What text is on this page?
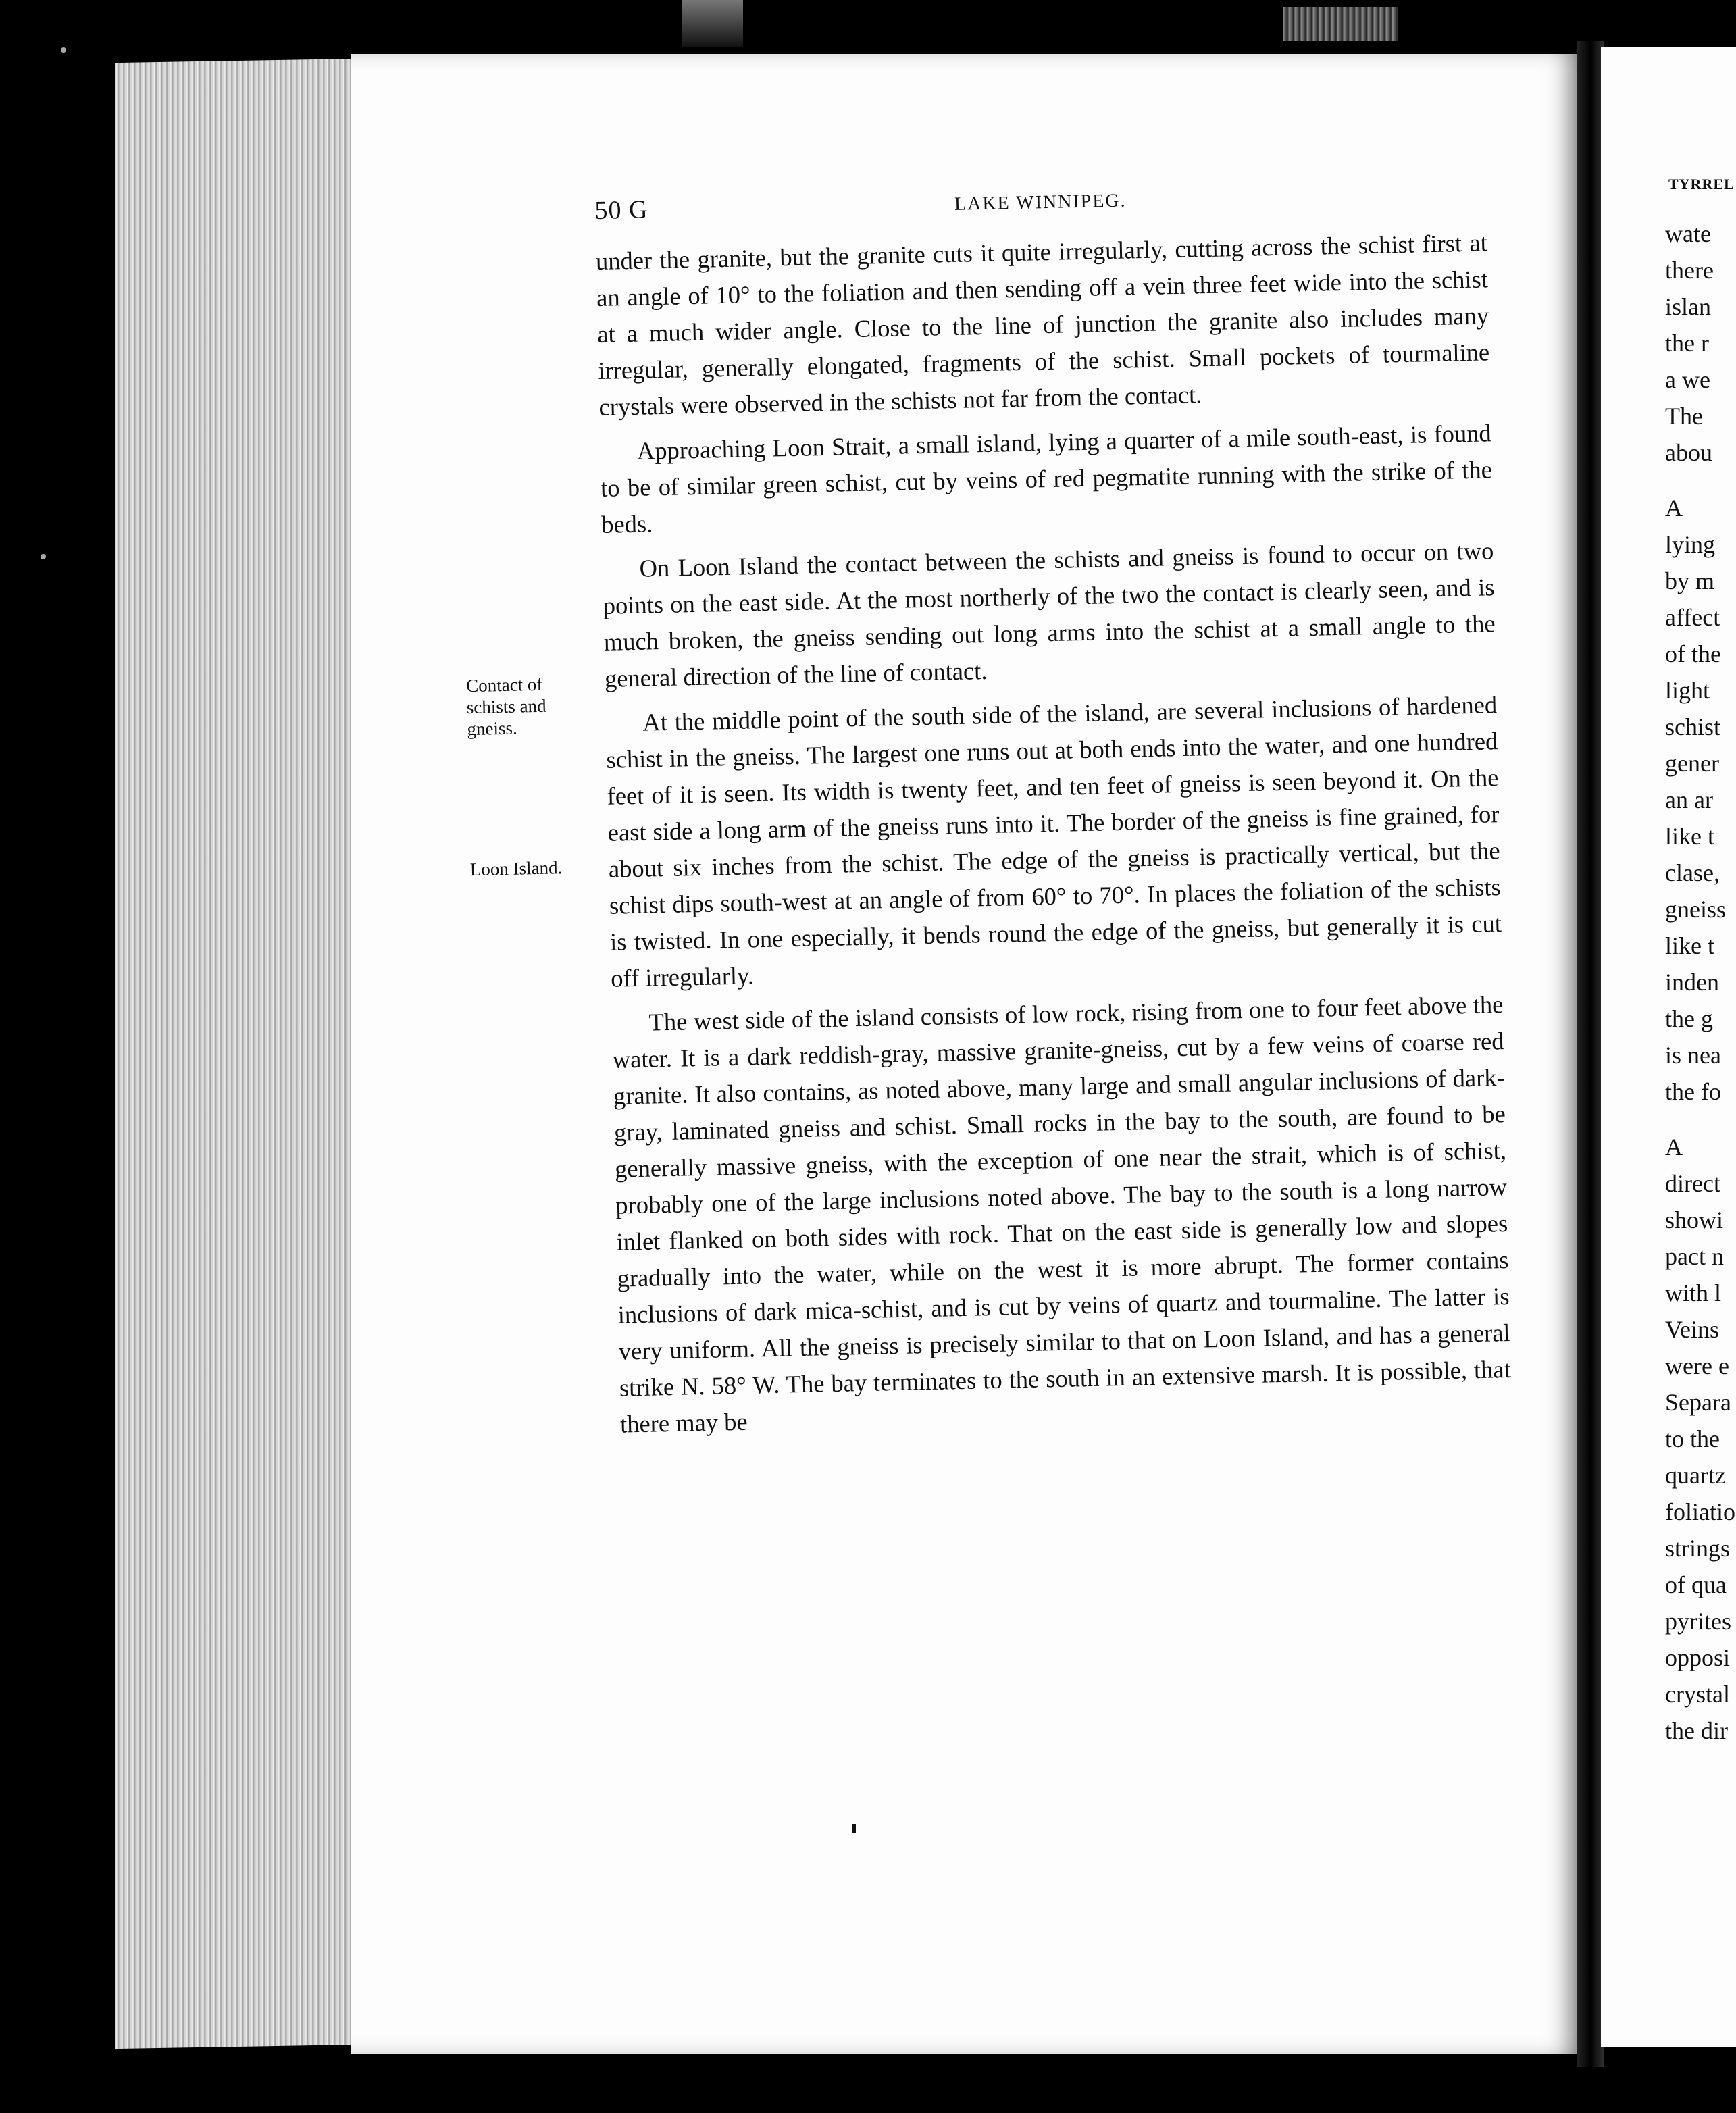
TYRREL
wate
there
islan
the r
a we
The
abou
A
lying
by m
affect
of the
light
schist
gener
an ar
like t
clase,
gneiss
like t
inden
the g
is nea
the fo
A
direct
showi
pact n
with l
Veins
were e
Separa
to the
quartz
foliatio
strings
of qua
pyrites
opposi
crystal
the dir
50 G	LAKE WINNIPEG.

under the granite, but the granite cuts it quite irregularly, cutting across the schist first at an angle of 10° to the foliation and then sending off a vein three feet wide into the schist at a much wider angle. Close to the line of junction the granite also includes many irregular, generally elongated, fragments of the schist. Small pockets of tourmaline crystals were observed in the schists not far from the contact.

Approaching Loon Strait, a small island, lying a quarter of a mile south-east, is found to be of similar green schist, cut by veins of red pegmatite running with the strike of the beds.

On Loon Island the contact between the schists and gneiss is found to occur on two points on the east side. At the most northerly of the two the contact is clearly seen, and is much broken, the gneiss sending out long arms into the schist at a small angle to the general direction of the line of contact.

At the middle point of the south side of the island, are several inclusions of hardened schist in the gneiss. The largest one runs out at both ends into the water, and one hundred feet of it is seen. Its width is twenty feet, and ten feet of gneiss is seen beyond it. On the east side a long arm of the gneiss runs into it. The border of the gneiss is fine grained, for about six inches from the schist. The edge of the gneiss is practically vertical, but the schist dips south-west at an angle of from 60° to 70°. In places the foliation of the schists is twisted. In one especially, it bends round the edge of the gneiss, but generally it is cut off irregularly.

The west side of the island consists of low rock, rising from one to four feet above the water. It is a dark reddish-gray, massive granite-gneiss, cut by a few veins of coarse red granite. It also contains, as noted above, many large and small angular inclusions of dark-gray, laminated gneiss and schist. Small rocks in the bay to the south, are found to be generally massive gneiss, with the exception of one near the strait, which is of schist, probably one of the large inclusions noted above. The bay to the south is a long narrow inlet flanked on both sides with rock. That on the east side is generally low and slopes gradually into the water, while on the west it is more abrupt. The former contains inclusions of dark mica-schist, and is cut by veins of quartz and tourmaline. The latter is very uniform. All the gneiss is precisely similar to that on Loon Island, and has a general strike N. 58° W. The bay terminates to the south in an extensive marsh. It is possible, that there may be

Contact of
schists and
gneiss.
Loon Island.
